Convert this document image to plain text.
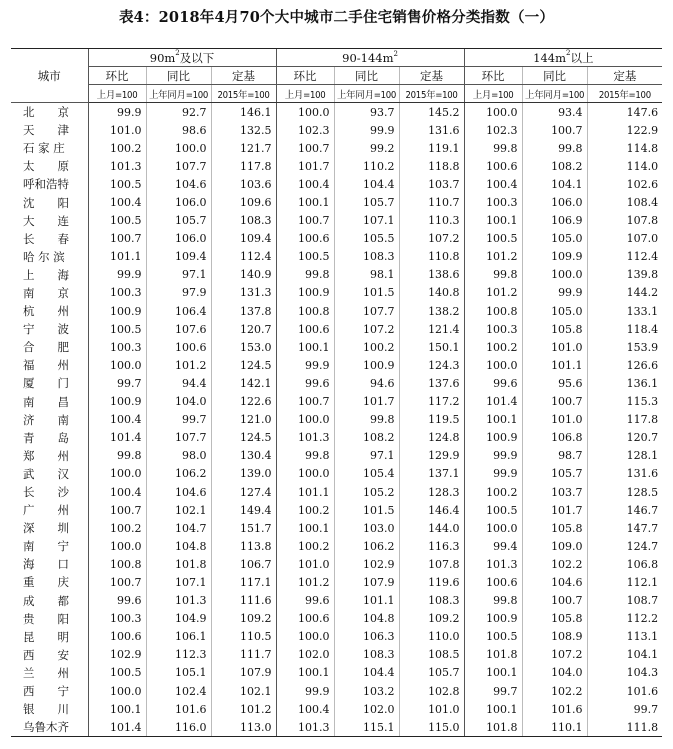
表4：2018年4月70个大中城市二手住宅销售价格分类指数（一）
城市	$90m^2$及以下			$90-144m^2$			$144m^2$以上		
	环比	同比	定基	环比	同比	定基	环比	同比	定基
	上月=100	上年同月=100	2015年=100	上月=100	上年同月=100	2015年=100	上月=100	上年同月=100	2015年=100
北　　京	99.9	92.7	146.1	100.0	93.7	145.2	100.0	93.4	147.6
天　　津	101.0	98.6	132.5	102.3	99.9	131.6	102.3	100.7	122.9
石 家 庄	100.2	100.0	121.7	100.7	99.2	119.1	99.8	99.8	114.8
太　　原	101.3	107.7	117.8	101.7	110.2	118.8	100.6	108.2	114.0
呼和浩特	100.5	104.6	103.6	100.4	104.4	103.7	100.4	104.1	102.6
沈　　阳	100.4	106.0	109.6	100.1	105.7	110.7	100.3	106.0	108.4
大　　连	100.5	105.7	108.3	100.7	107.1	110.3	100.1	106.9	107.8
长　　春	100.7	106.0	109.4	100.6	105.5	107.2	100.5	105.0	107.0
哈 尔 滨	101.1	109.4	112.4	100.5	108.3	110.8	101.2	109.9	112.4
上　　海	99.9	97.1	140.9	99.8	98.1	138.6	99.8	100.0	139.8
南　　京	100.3	97.9	131.3	100.9	101.5	140.8	101.2	99.9	144.2
杭　　州	100.9	106.4	137.8	100.8	107.7	138.2	100.8	105.0	133.1
宁　　波	100.5	107.6	120.7	100.6	107.2	121.4	100.3	105.8	118.4
合　　肥	100.3	100.6	153.0	100.1	100.2	150.1	100.2	101.0	153.9
福　　州	100.0	101.2	124.5	99.9	100.9	124.3	100.0	101.1	126.6
厦　　门	99.7	94.4	142.1	99.6	94.6	137.6	99.6	95.6	136.1
南　　昌	100.9	104.0	122.6	100.7	101.7	117.2	101.4	100.7	115.3
济　　南	100.4	99.7	121.0	100.0	99.8	119.5	100.1	101.0	117.8
青　　岛	101.4	107.7	124.5	101.3	108.2	124.8	100.9	106.8	120.7
郑　　州	99.8	98.0	130.4	99.8	97.1	129.9	99.9	98.7	128.1
武　　汉	100.0	106.2	139.0	100.0	105.4	137.1	99.9	105.7	131.6
长　　沙	100.4	104.6	127.4	101.1	105.2	128.3	100.2	103.7	128.5
广　　州	100.7	102.1	149.4	100.2	101.5	146.4	100.5	101.7	146.7
深　　圳	100.2	104.7	151.7	100.1	103.0	144.0	100.0	105.8	147.7
南　　宁	100.0	104.8	113.8	100.2	106.2	116.3	99.4	109.0	124.7
海　　口	100.8	101.8	106.7	101.0	102.9	107.8	101.3	102.2	106.8
重　　庆	100.7	107.1	117.1	101.2	107.9	119.6	100.6	104.6	112.1
成　　都	99.6	101.3	111.6	99.6	101.1	108.3	99.8	100.7	108.7
贵　　阳	100.3	104.9	109.2	100.6	104.8	109.2	100.9	105.8	112.2
昆　　明	100.6	106.1	110.5	100.0	106.3	110.0	100.5	108.9	113.1
西　　安	102.9	112.3	111.7	102.0	108.3	108.5	101.8	107.2	104.1
兰　　州	100.5	105.1	107.9	100.1	104.4	105.7	100.1	104.0	104.3
西　　宁	100.0	102.4	102.1	99.9	103.2	102.8	99.7	102.2	101.6
银　　川	100.1	101.6	101.2	100.4	102.0	101.0	100.1	101.6	99.7
乌鲁木齐	101.4	116.0	113.0	101.3	115.1	115.0	101.8	110.1	111.8
